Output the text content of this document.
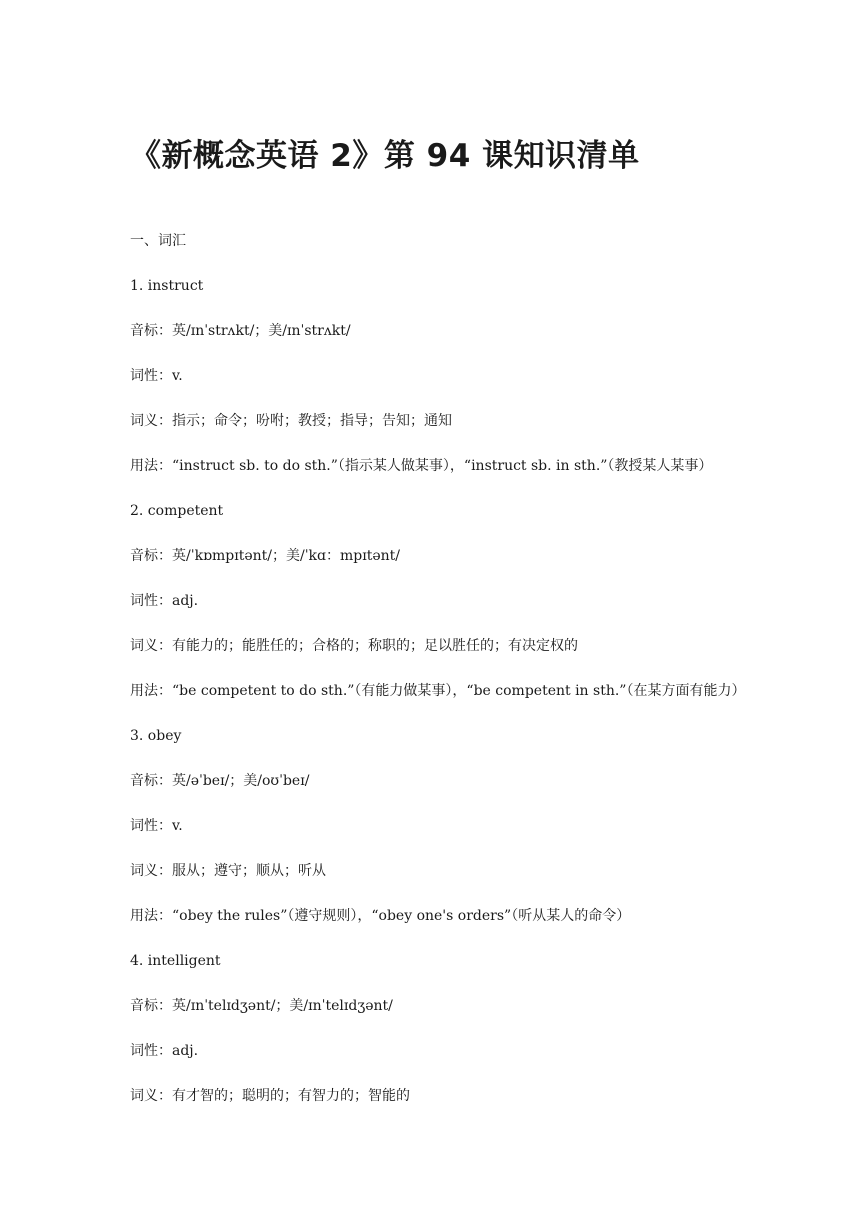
《新概念英语 2》第 94 课知识清单

一、词汇

1. instruct

音标：英/ɪnˈstrʌkt/；美/ɪnˈstrʌkt/

词性：v.

词义：指示；命令；吩咐；教授；指导；告知；通知

用法：“instruct sb. to do sth.”（指示某人做某事），“instruct sb. in sth.”（教授某人某事）

2. competent

音标：英/ˈkɒmpɪtənt/；美/ˈkɑ：mpɪtənt/

词性：adj.

词义：有能力的；能胜任的；合格的；称职的；足以胜任的；有决定权的

用法：“be competent to do sth.”（有能力做某事），“be competent in sth.”（在某方面有能力）

3. obey

音标：英/əˈbeɪ/；美/oʊˈbeɪ/

词性：v.

词义：服从；遵守；顺从；听从

用法：“obey the rules”（遵守规则），“obey one's orders”（听从某人的命令）

4. intelligent

音标：英/ɪnˈtelɪdʒənt/；美/ɪnˈtelɪdʒənt/

词性：adj.

词义：有才智的；聪明的；有智力的；智能的
